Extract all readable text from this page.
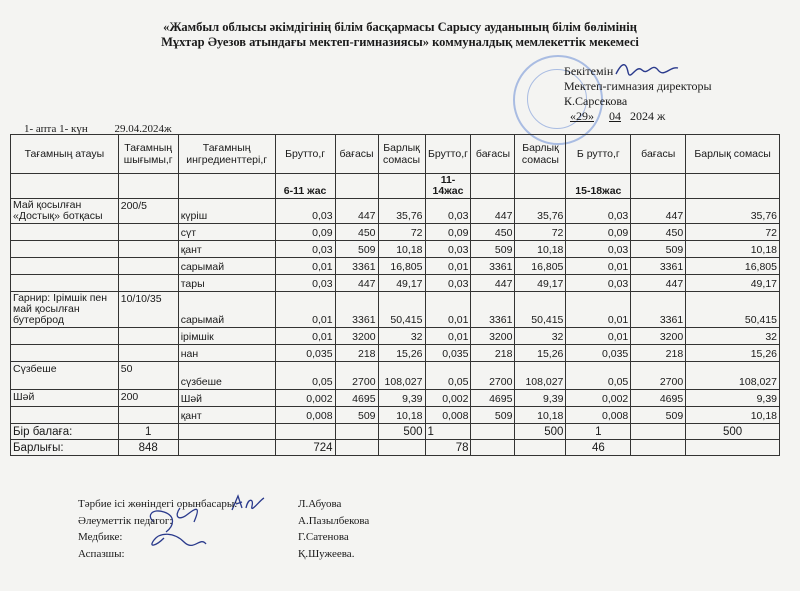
«Жамбыл облысы әкімдігінің білім басқармасы Сарысу ауданының білім бөлімінің
Мұхтар Әуезов атындағы мектеп-гимназиясы» коммуналдық мемлекеттік мекемесі
Бекітемін
Мектеп-гимназия директоры
К.Сарсекова
«29» 04 2024 ж
1- апта 1- күн 29.04.2024ж
Тағамның атауы	Тағамның шығымы,г	Тағамның ингредиенттері,г	Брутто,г	бағасы	Барлық сомасы	Брутто,г	бағасы	Барлық сомасы	Б рутто,г	бағасы	Барлық сомасы
			6-11 жас			11-14жас			15-18жас		
Май қосылған «Достық» ботқасы	200/5	күріш	0,03	447	35,76	0,03	447	35,76	0,03	447	35,76
		сүт	0,09	450	72	0,09	450	72	0,09	450	72
		қант	0,03	509	10,18	0,03	509	10,18	0,03	509	10,18
		сарымай	0,01	3361	16,805	0,01	3361	16,805	0,01	3361	16,805
		тары	0,03	447	49,17	0,03	447	49,17	0,03	447	49,17
Гарнир: Ірімшік пен май қосылған бутерброд	10/10/35	сарымай	0,01	3361	50,415	0,01	3361	50,415	0,01	3361	50,415
		ірімшік	0,01	3200	32	0,01	3200	32	0,01	3200	32
		нан	0,035	218	15,26	0,035	218	15,26	0,035	218	15,26
Сүзбеше	50	сүзбеше	0,05	2700	108,027	0,05	2700	108,027	0,05	2700	108,027
Шәй	200	Шәй	0,002	4695	9,39	0,002	4695	9,39	0,002	4695	9,39
		қант	0,008	509	10,18	0,008	509	10,18	0,008	509	10,18
Бір балаға:	1				500	1		500	1		500
Барлығы:	848		724			78			46		
Тәрбие ісі жөніндегі орынбасары:	Л.Абуова
Әлеуметтік педагог:	А.Пазылбекова
Медбике:	Г.Сатенова
Аспазшы:	Қ.Шужеева.
